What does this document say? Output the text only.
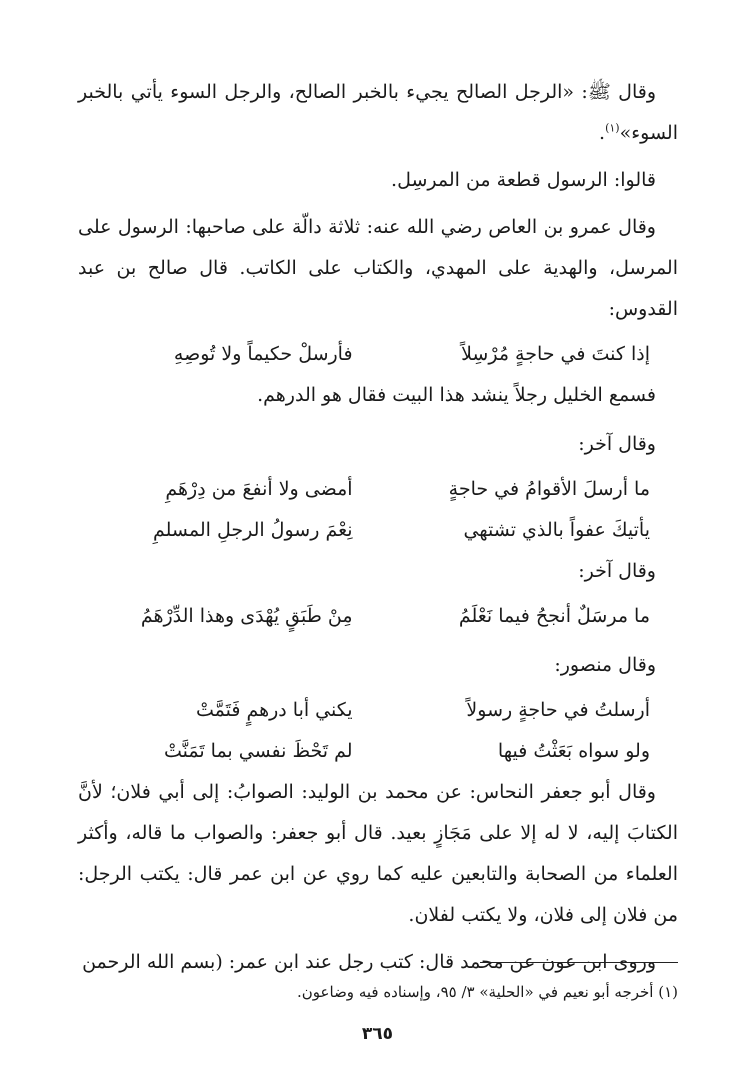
وقال ﷺ: «الرجل الصالح يجيء بالخبر الصالح، والرجل السوء يأتي بالخبر السوء»$^{(١)}$.

قالوا: الرسول قطعة من المرسِل.

وقال عمرو بن العاص رضي الله عنه: ثلاثة دالّة على صاحبها: الرسول على المرسل، والهدية على المهدي، والكتاب على الكاتب. قال صالح بن عبد القدوس:

إذا كنتَ في حاجةٍ مُرْسِلاً
فأرسلْ حكيماً ولا تُوصِهِ

فسمع الخليل رجلاً ينشد هذا البيت فقال هو الدرهم.

وقال آخر:

ما أرسلَ الأقوامُ في حاجةٍ
أمضى ولا أنفعَ من دِرْهَمِ
يأتيكَ عفواً بالذي تشتهي
نِعْمَ رسولُ الرجلِ المسلمِ

وقال آخر:

ما مرسَلٌ أنجحُ فيما نَعْلَمُ
مِنْ طَبَقٍ يُهْدَى وهذا الدِّرْهَمُ

وقال منصور:

أرسلتُ في حاجةٍ رسولاً
يكني أبا درهمٍ فَتَمَّتْ
ولو سواه بَعَثْتُ فيها
لم تَحْظَ نفسي بما تَمَنَّتْ

وقال أبو جعفر النحاس: عن محمد بن الوليد: الصوابُ: إلى أبي فلان؛ لأنَّ الكتابَ إليه، لا له إلا على مَجَازٍ بعيد. قال أبو جعفر: والصواب ما قاله، وأكثر العلماء من الصحابة والتابعين عليه كما روي عن ابن عمر قال: يكتب الرجل: من فلان إلى فلان، ولا يكتب لفلان.

وروى ابن عون عن محمد قال: كتب رجل عند ابن عمر: (بسم الله الرحمن

(١) أخرجه أبو نعيم في «الحلية» ٣/ ٩٥، وإسناده فيه وضاعون.
٣٦٥
